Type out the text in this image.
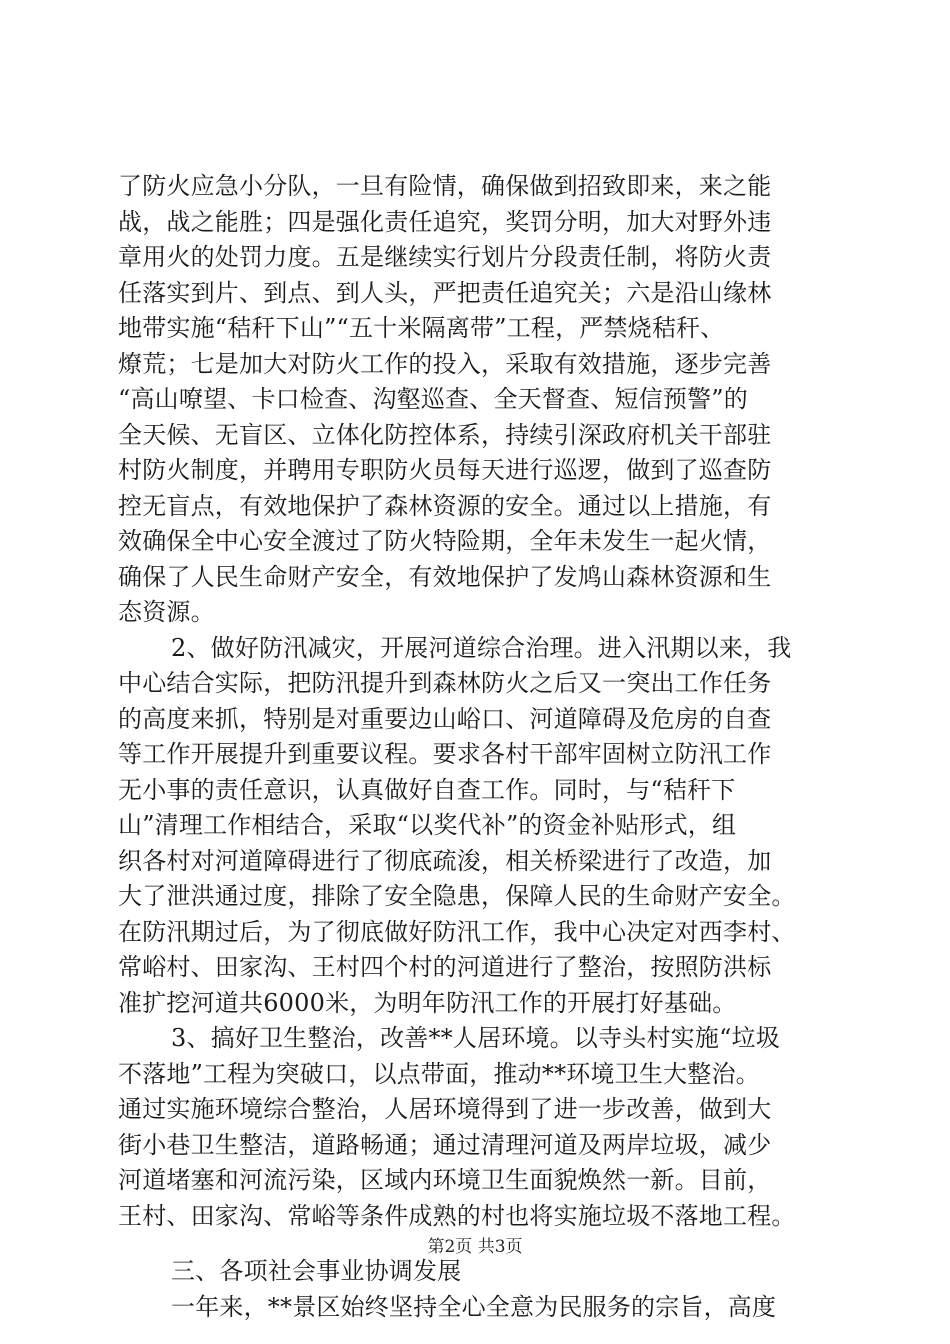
了防火应急小分队，一旦有险情，确保做到招致即来，来之能
战，战之能胜；四是强化责任追究，奖罚分明，加大对野外违
章用火的处罚力度。五是继续实行划片分段责任制，将防火责
任落实到片、到点、到人头，严把责任追究关；六是沿山缘林
地带实施“秸秆下山”“五十米隔离带”工程，严禁烧秸秆、
燎荒；七是加大对防火工作的投入，采取有效措施，逐步完善
“高山嘹望、卡口检查、沟壑巡查、全天督查、短信预警”的
全天候、无盲区、立体化防控体系，持续引深政府机关干部驻
村防火制度，并聘用专职防火员每天进行巡逻，做到了巡查防
控无盲点，有效地保护了森林资源的安全。通过以上措施，有
效确保全中心安全渡过了防火特险期，全年未发生一起火情，
确保了人民生命财产安全，有效地保护了发鸠山森林资源和生
态资源。
2、做好防汛减灾，开展河道综合治理。进入汛期以来，我
中心结合实际，把防汛提升到森林防火之后又一突出工作任务
的高度来抓，特别是对重要边山峪口、河道障碍及危房的自查
等工作开展提升到重要议程。要求各村干部牢固树立防汛工作
无小事的责任意识，认真做好自查工作。同时，与“秸秆下
山”清理工作相结合，采取“以奖代补”的资金补贴形式，组
织各村对河道障碍进行了彻底疏浚，相关桥梁进行了改造，加
大了泄洪通过度，排除了安全隐患，保障人民的生命财产安全。
在防汛期过后，为了彻底做好防汛工作，我中心决定对西李村、
常峪村、田家沟、王村四个村的河道进行了整治，按照防洪标
准扩挖河道共6000米，为明年防汛工作的开展打好基础。
3、搞好卫生整治，改善**人居环境。以寺头村实施“垃圾
不落地”工程为突破口，以点带面，推动**环境卫生大整治。
通过实施环境综合整治，人居环境得到了进一步改善，做到大
街小巷卫生整洁，道路畅通；通过清理河道及两岸垃圾，减少
河道堵塞和河流污染，区域内环境卫生面貌焕然一新。目前，
王村、田家沟、常峪等条件成熟的村也将实施垃圾不落地工程。
三、各项社会事业协调发展
一年来，**景区始终坚持全心全意为民服务的宗旨，高度
第2页 共3页
